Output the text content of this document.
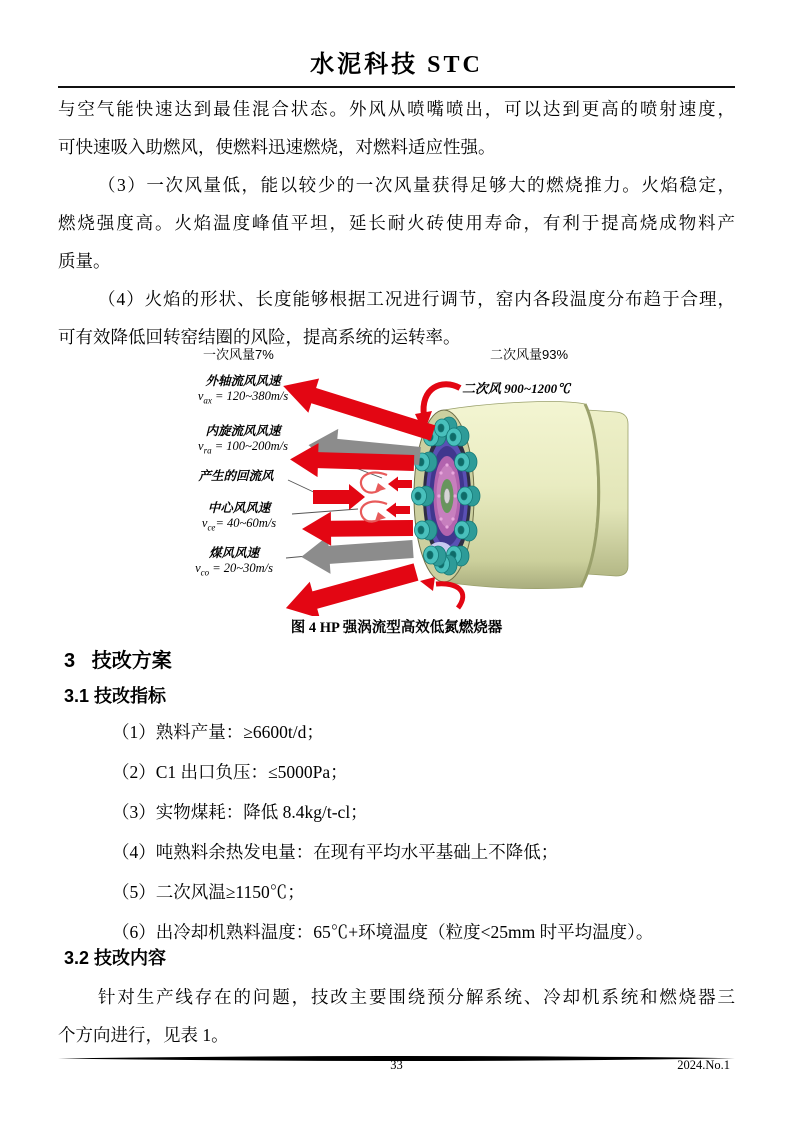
水泥科技 STC
与空气能快速达到最佳混合状态。外风从喷嘴喷出，可以达到更高的喷射速度，
可快速吸入助燃风，使燃料迅速燃烧，对燃料适应性强。
（3）一次风量低，能以较少的一次风量获得足够大的燃烧推力。火焰稳定，
燃烧强度高。火焰温度峰值平坦，延长耐火砖使用寿命，有利于提高烧成物料产
质量。
（4）火焰的形状、长度能够根据工况进行调节，窑内各段温度分布趋于合理，
可有效降低回转窑结圈的风险，提高系统的运转率。
一次风量7%	二次风量93%
二次风 900~1200℃
外轴流风风速
$v_{ax}$ = 120~380m/s
内旋流风风速
$v_{ra}$ = 100~200m/s
产生的回流风
中心风风速
$v_{ce}=$ 40~60m/s
煤风风速
$v_{co}$ = 20~30m/s
图 4 HP 强涡流型高效低氮燃烧器
3   技改方案
3.1 技改指标
（1）熟料产量：≥6600t/d；
（2）C1 出口负压：≤5000Pa；
（3）实物煤耗：降低 8.4kg/t-cl；
（4）吨熟料余热发电量：在现有平均水平基础上不降低；
（5）二次风温≥1150℃；
（6）出冷却机熟料温度：65℃+环境温度（粒度<25mm 时平均温度）。
3.2 技改内容
针对生产线存在的问题，技改主要围绕预分解系统、冷却机系统和燃烧器三
个方向进行，见表 1。
33	2024.No.1
